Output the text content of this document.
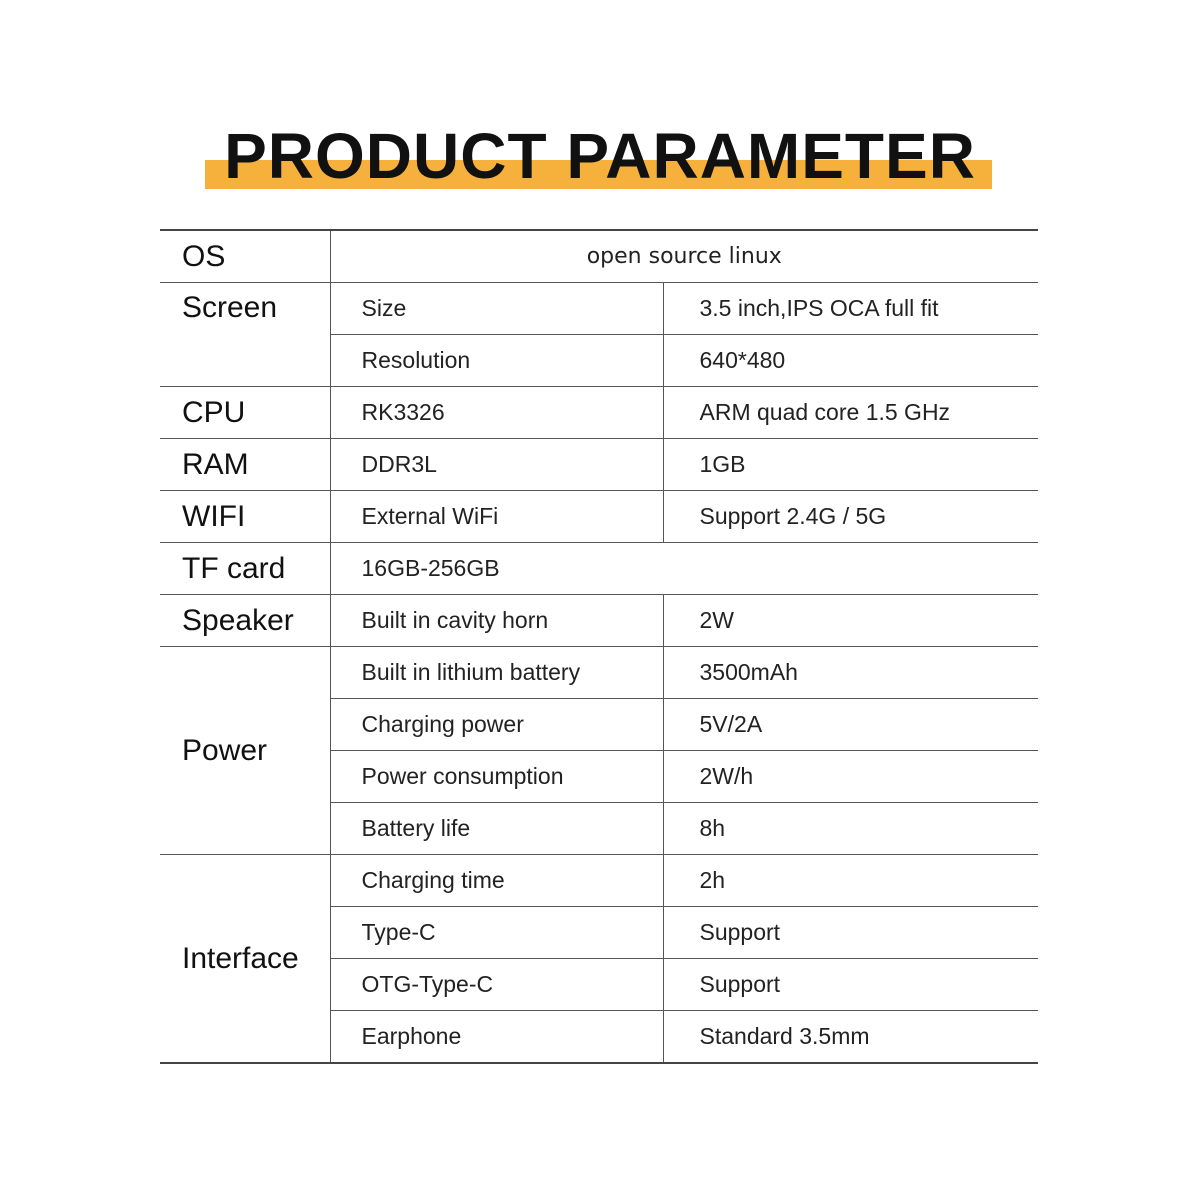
PRODUCT PARAMETER
OS	open source linux	
Screen	Size	3.5 inch,IPS OCA full fit
	Resolution	640*480
CPU	RK3326	ARM quad core 1.5 GHz
RAM	DDR3L	1GB
WIFI	External WiFi	Support 2.4G / 5G
TF card	16GB-256GB	
Speaker	Built in cavity horn	2W
Power	Built in lithium battery	3500mAh
	Charging power	5V/2A
	Power consumption	2W/h
	Battery life	8h
Interface	Charging time	2h
	Type-C	Support
	OTG-Type-C	Support
	Earphone	Standard 3.5mm
